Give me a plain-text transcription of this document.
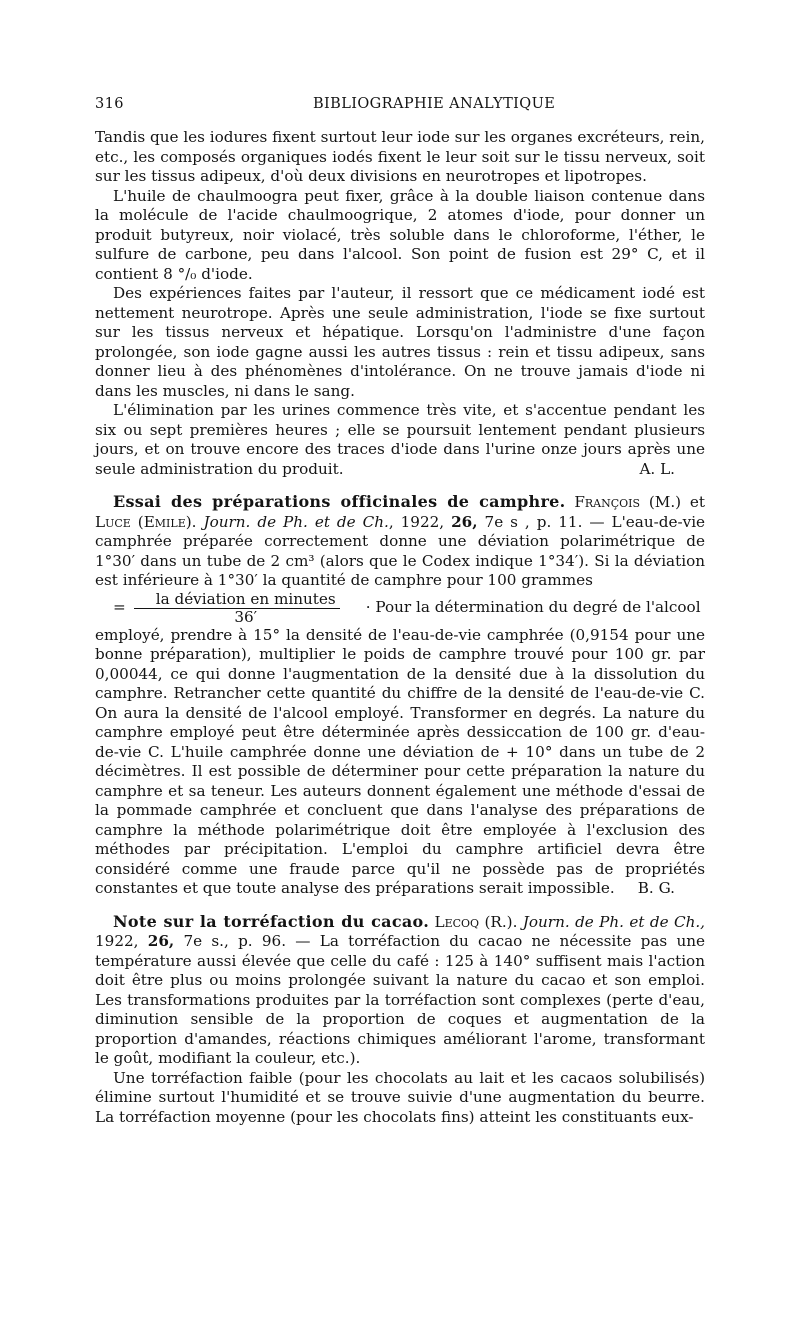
316	BIBLIOGRAPHIE ANALYTIQUE

Tandis que les iodures fixent surtout leur iode sur les organes excréteurs, rein, etc., les composés organiques iodés fixent le leur soit sur le tissu nerveux, soit sur les tissus adipeux, d'où deux divisions en neurotropes et lipotropes.

L'huile de chaulmoogra peut fixer, grâce à la double liaison contenue dans la molécule de l'acide chaulmoogrique, 2 atomes d'iode, pour donner un produit butyreux, noir violacé, très soluble dans le chloroforme, l'éther, le sulfure de carbone, peu dans l'alcool. Son point de fusion est 29° C, et il contient 8 °/₀ d'iode.

Des expériences faites par l'auteur, il ressort que ce médicament iodé est nettement neurotrope. Après une seule administration, l'iode se fixe surtout sur les tissus nerveux et hépatique. Lorsqu'on l'administre d'une façon prolongée, son iode gagne aussi les autres tissus : rein et tissu adipeux, sans donner lieu à des phénomènes d'intolérance. On ne trouve jamais d'iode ni dans les muscles, ni dans le sang.

L'élimination par les urines commence très vite, et s'accentue pendant les six ou sept premières heures ; elle se poursuit lentement pendant plusieurs jours, et on trouve encore des traces d'iode dans l'urine onze jours après une seule administration du produit.	A. L.

Essai des préparations officinales de camphre. François (M.) et Luce (Emile). Journ. de Ph. et de Ch., 1922, 26, 7e s , p. 11. — L'eau-de-vie camphrée préparée correctement donne une déviation polarimétrique de 1°30′ dans un tube de 2 cm³ (alors que le Codex indique 1°34′). Si la déviation est inférieure à 1°30′ la quantité de camphre pour 100 grammes

= $\frac{\text{la déviation en minutes}}{36'}$	· Pour la détermination du degré de l'alcool

employé, prendre à 15° la densité de l'eau-de-vie camphrée (0,9154 pour une bonne préparation), multiplier le poids de camphre trouvé pour 100 gr. par 0,00044, ce qui donne l'augmentation de la densité due à la dissolution du camphre. Retrancher cette quantité du chiffre de la densité de l'eau-de-vie C. On aura la densité de l'alcool employé. Transformer en degrés. La nature du camphre employé peut être déterminée après dessiccation de 100 gr. d'eau-de-vie C. L'huile camphrée donne une déviation de + 10° dans un tube de 2 décimètres. Il est possible de déterminer pour cette préparation la nature du camphre et sa teneur. Les auteurs donnent également une méthode d'essai de la pommade camphrée et concluent que dans l'analyse des préparations de camphre la méthode polarimétrique doit être employée à l'exclusion des méthodes par précipitation. L'emploi du camphre artificiel devra être considéré comme une fraude parce qu'il ne possède pas de propriétés constantes et que toute analyse des préparations serait impossible. B. G.

Note sur la torréfaction du cacao. Lecoq (R.). Journ. de Ph. et de Ch., 1922, 26, 7e s., p. 96. — La torréfaction du cacao ne nécessite pas une température aussi élevée que celle du café : 125 à 140° suffisent mais l'action doit être plus ou moins prolongée suivant la nature du cacao et son emploi. Les transformations produites par la torréfaction sont complexes (perte d'eau, diminution sensible de la proportion de coques et augmentation de la proportion d'amandes, réactions chimiques améliorant l'arome, transformant le goût, modifiant la couleur, etc.).

Une torréfaction faible (pour les chocolats au lait et les cacaos solubilisés) élimine surtout l'humidité et se trouve suivie d'une augmentation du beurre. La torréfaction moyenne (pour les chocolats fins) atteint les constituants eux-
